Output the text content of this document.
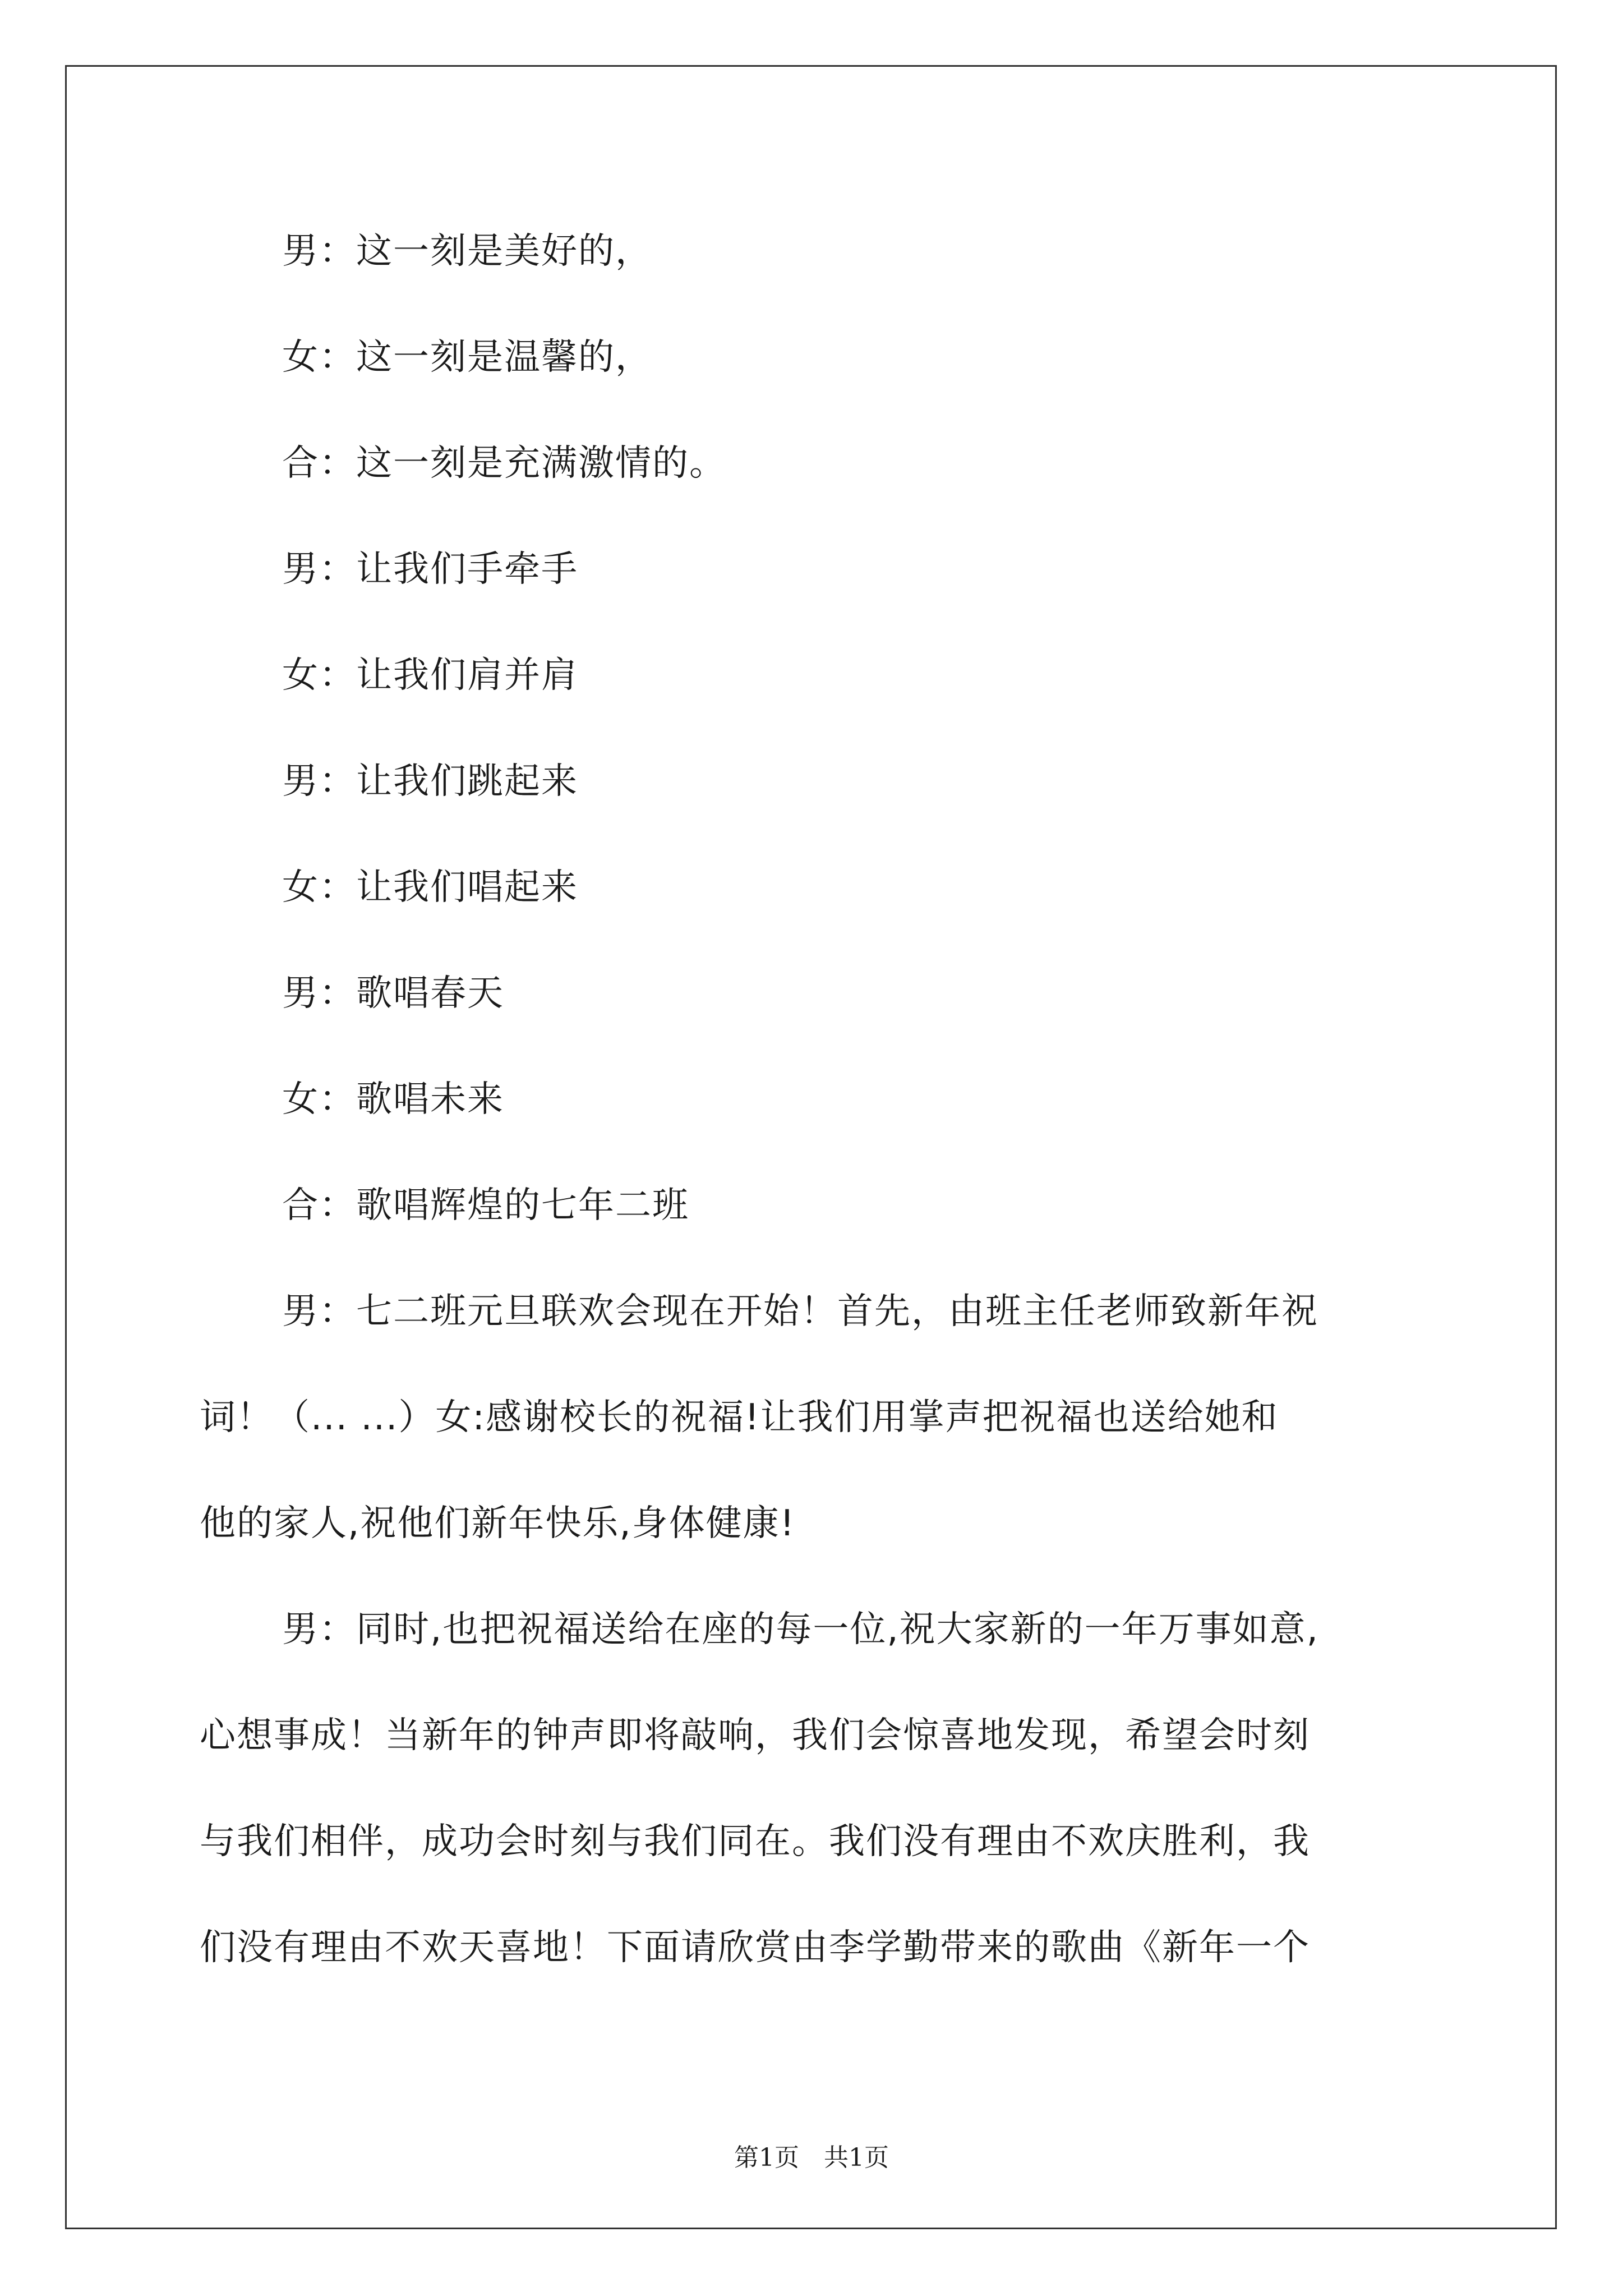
男：这一刻是美好的，
女：这一刻是温馨的，
合：这一刻是充满激情的。
男：让我们手牵手
女：让我们肩并肩
男：让我们跳起来
女：让我们唱起来
男：歌唱春天
女：歌唱未来
合：歌唱辉煌的七年二班
男：七二班元旦联欢会现在开始！首先，由班主任老师致新年祝
词！（... ...）女:感谢校长的祝福!让我们用掌声把祝福也送给她和
他的家人,祝他们新年快乐,身体健康!
男：同时,也把祝福送给在座的每一位,祝大家新的一年万事如意,
心想事成！当新年的钟声即将敲响，我们会惊喜地发现，希望会时刻
与我们相伴，成功会时刻与我们同在。我们没有理由不欢庆胜利，我
们没有理由不欢天喜地！下面请欣赏由李学勤带来的歌曲《新年一个
第1页　共1页
